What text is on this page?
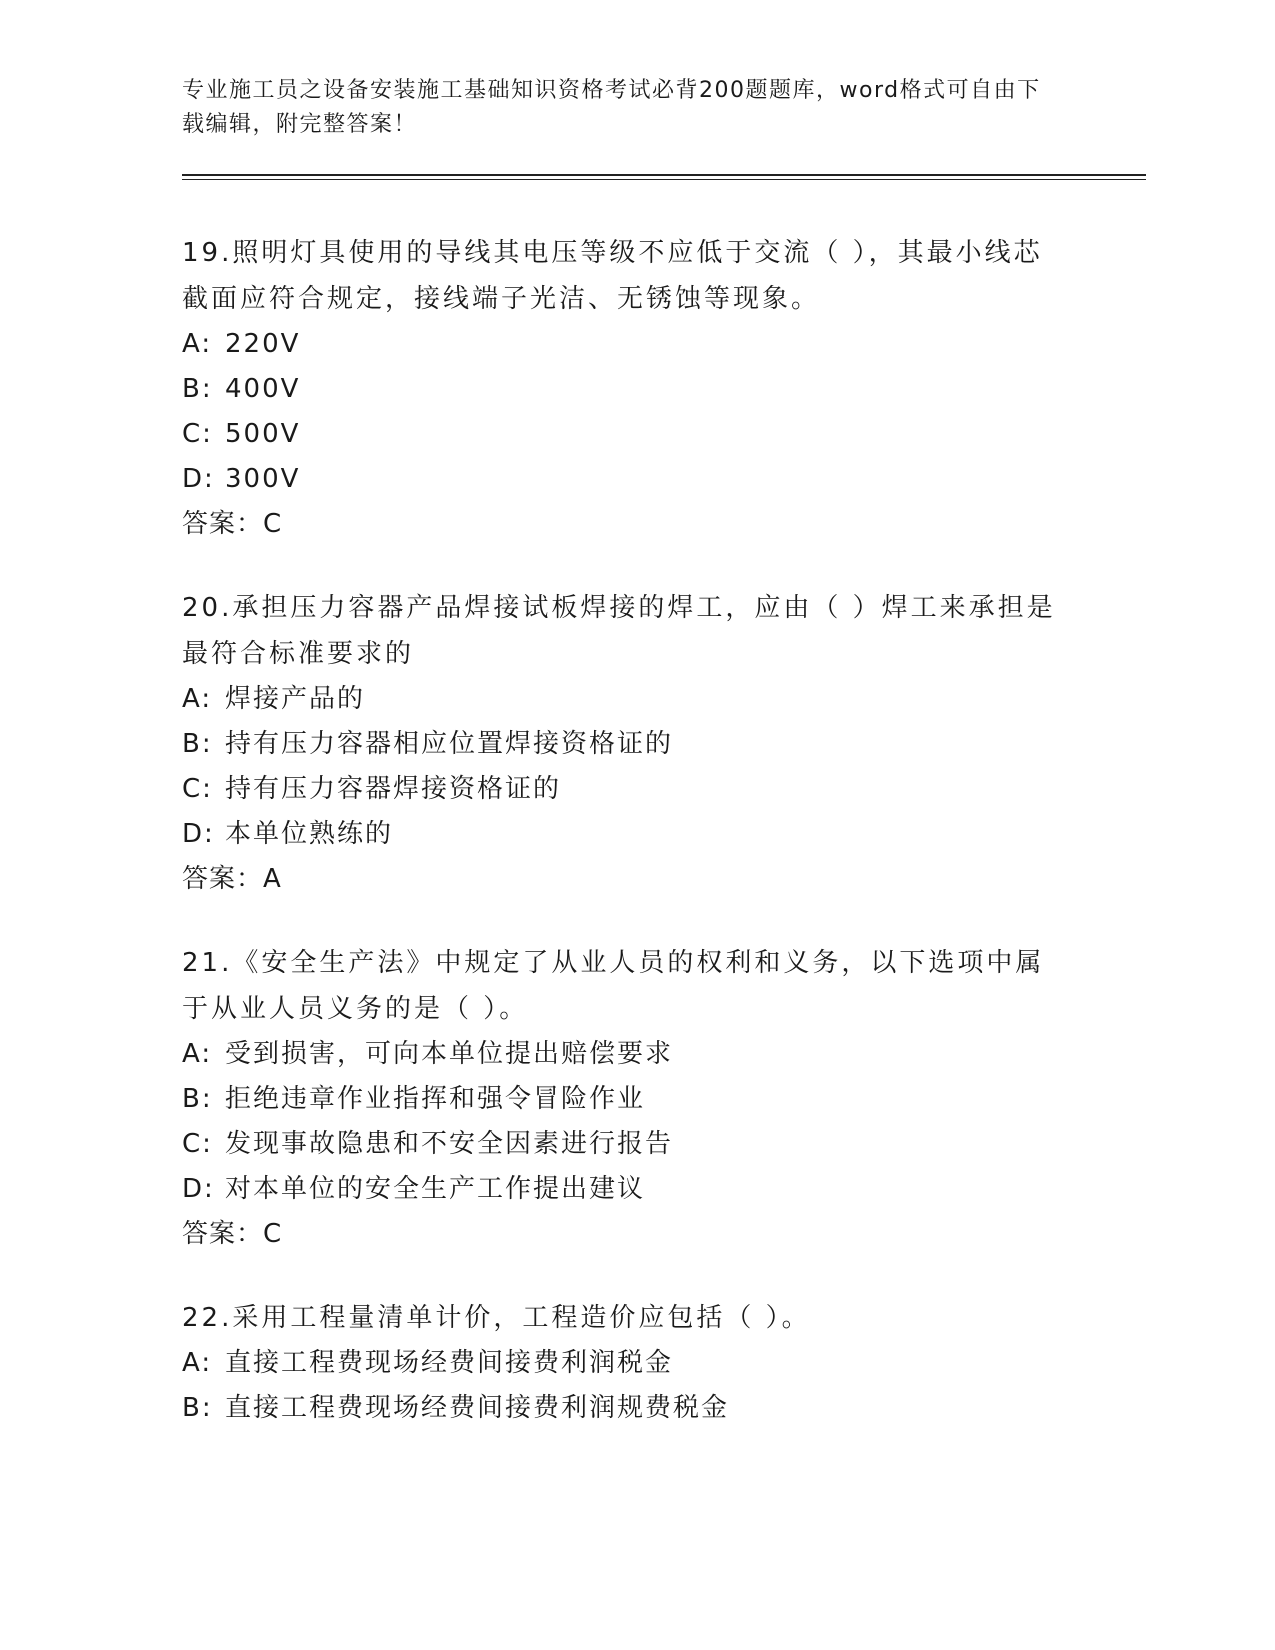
专业施工员之设备安装施工基础知识资格考试必背200题题库，word格式可自由下载编辑，附完整答案！

19.照明灯具使用的导线其电压等级不应低于交流（ ），其最小线芯截面应符合规定，接线端子光洁、无锈蚀等现象。

A: 220V
B: 400V
C: 500V
D: 300V
答案：C

20.承担压力容器产品焊接试板焊接的焊工，应由（ ）焊工来承担是最符合标准要求的

A: 焊接产品的
B: 持有压力容器相应位置焊接资格证的
C: 持有压力容器焊接资格证的
D: 本单位熟练的
答案：A

21.《安全生产法》中规定了从业人员的权利和义务，以下选项中属于从业人员义务的是（ ）。

A: 受到损害，可向本单位提出赔偿要求
B: 拒绝违章作业指挥和强令冒险作业
C: 发现事故隐患和不安全因素进行报告
D: 对本单位的安全生产工作提出建议
答案：C

22.采用工程量清单计价，工程造价应包括（ ）。

A: 直接工程费现场经费间接费利润税金
B: 直接工程费现场经费间接费利润规费税金
